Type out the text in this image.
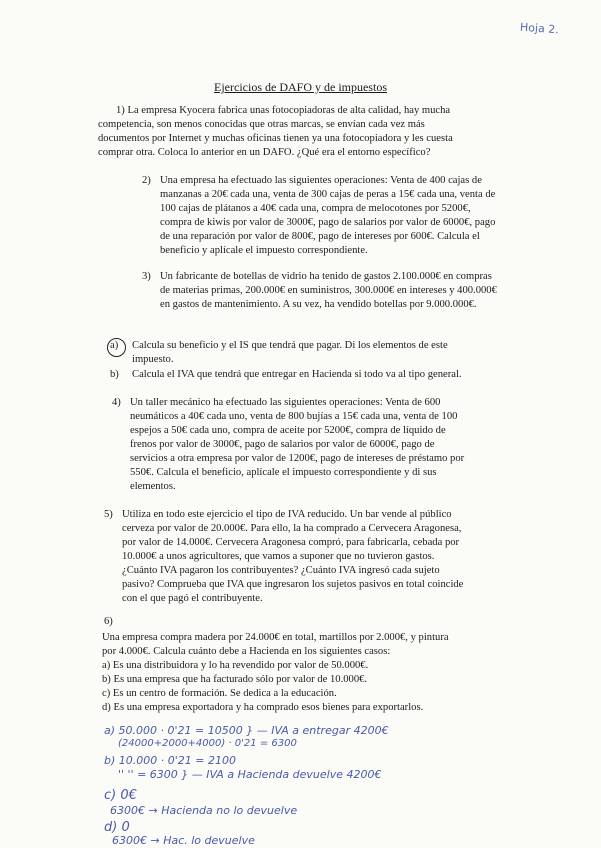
Hoja 2.
Ejercicios de DAFO y de impuestos

1) La empresa Kyocera fabrica unas fotocopiadoras de alta calidad, hay mucha

competencia, son menos conocidas que otras marcas, se envían cada vez más

documentos por Internet y muchas oficinas tienen ya una fotocopiadora y les cuesta

comprar otra. Coloca lo anterior en un DAFO. ¿Qué era el entorno específico?

2) Una empresa ha efectuado las siguientes operaciones: Venta de 400 cajas de

manzanas a 20€ cada una, venta de 300 cajas de peras a 15€ cada una, venta de

100 cajas de plátanos a 40€ cada una, compra de melocotones por 5200€,

compra de kiwis por valor de 3000€, pago de salarios por valor de 6000€, pago

de una reparación por valor de 800€, pago de intereses por 600€. Calcula el

beneficio y aplícale el impuesto correspondiente.

3) Un fabricante de botellas de vidrio ha tenido de gastos 2.100.000€ en compras

de materias primas, 200.000€ en suministros, 300.000€ en intereses y 400.000€

en gastos de mantenimiento. A su vez, ha vendido botellas por 9.000.000€.

a) Calcula su beneficio y el IS que tendrá que pagar. Di los elementos de este

impuesto.

b) Calcula el IVA que tendrá que entregar en Hacienda si todo va al tipo general.

4) Un taller mecánico ha efectuado las siguientes operaciones: Venta de 600

neumáticos a 40€ cada uno, venta de 800 bujías a 15€ cada una, venta de 100

espejos a 50€ cada uno, compra de aceite por 5200€, compra de líquido de

frenos por valor de 3000€, pago de salarios por valor de 6000€, pago de

servicios a otra empresa por valor de 1200€, pago de intereses de préstamo por

550€. Calcula el beneficio, aplícale el impuesto correspondiente y di sus

elementos.

5) Utiliza en todo este ejercicio el tipo de IVA reducido. Un bar vende al público

cerveza por valor de 20.000€. Para ello, la ha comprado a Cervecera Aragonesa,

por valor de 14.000€. Cervecera Aragonesa compró, para fabricarla, cebada por

10.000€ a unos agricultores, que vamos a suponer que no tuvieron gastos.

¿Cuánto IVA pagaron los contribuyentes? ¿Cuánto IVA ingresó cada sujeto

pasivo? Comprueba que IVA que ingresaron los sujetos pasivos en total coincide

con el que pagó el contribuyente.

6)

Una empresa compra madera por 24.000€ en total, martillos por 2.000€, y pintura

por 4.000€. Calcula cuánto debe a Hacienda en los siguientes casos:

a) Es una distribuidora y lo ha revendido por valor de 50.000€.

b) Es una empresa que ha facturado sólo por valor de 10.000€.

c) Es un centro de formación. Se dedica a la educación.

d) Es una empresa exportadora y ha comprado esos bienes para exportarlos.

a) 50.000 · 0'21 = 10500 } — IVA a entregar 4200€
(24000+2000+4000) · 0'21 = 6300
b) 10.000 · 0'21 = 2100
'' '' = 6300 } — IVA a Hacienda devuelve 4200€
c) 0€
6300€ → Hacienda no lo devuelve
d) 0
6300€ → Hac. lo devuelve
